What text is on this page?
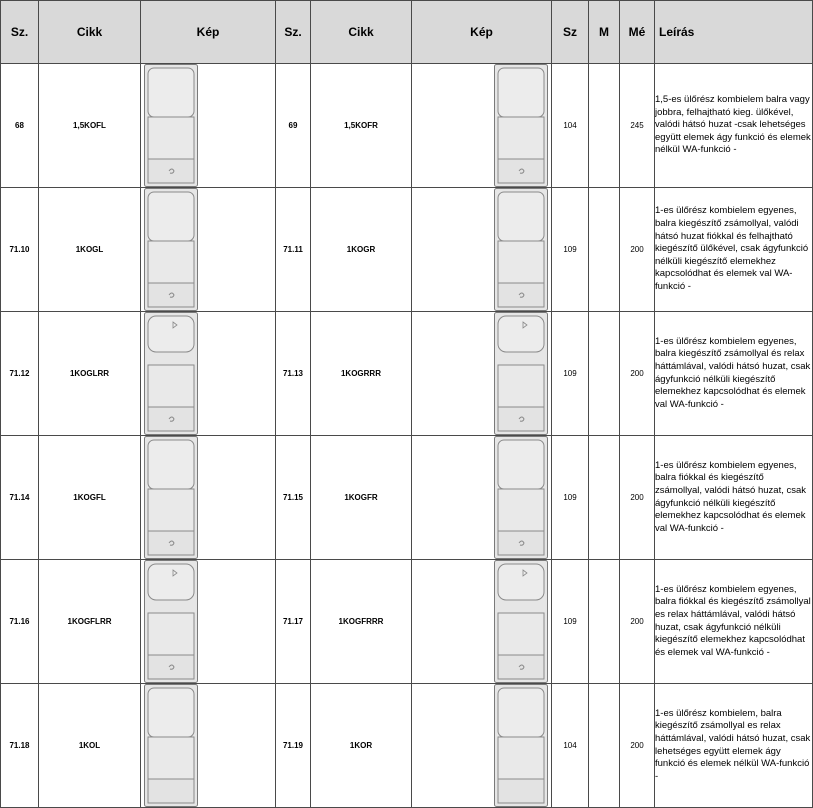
Sz.	Cikk	Kép	Sz.	Cikk	Kép	Sz	M	Mé	Leírás
68	1,5KOFL		69	1,5KOFR		104		245	1,5-es ülőrész kombielem balra vagy jobbra, felhajtható kieg. ülőkével, valódi hátsó huzat -csak lehetséges együtt elemek ágy funkció és elemek nélkül WA-funkció -
71.10	1KOGL		71.11	1KOGR		109		200	1-es ülőrész kombielem egyenes, balra kiegészítő zsámollyal, valódi hátsó huzat fiókkal és felhajtható kiegészítő ülőkével, csak ágyfunkció nélküli kiegészítő elemekhez kapcsolódhat és elemek val WA-funkció -
71.12	1KOGLRR		71.13	1KOGRRR		109		200	1-es ülőrész kombielem egyenes, balra kiegészítő zsámollyal és relax háttámlával, valódi hátsó huzat, csak ágyfunkció nélküli kiegészítő elemekhez kapcsolódhat és elemek val WA-funkció -
71.14	1KOGFL		71.15	1KOGFR		109		200	1-es ülőrész kombielem egyenes, balra fiókkal és kiegészítő zsámollyal, valódi hátsó huzat, csak ágyfunkció nélküli kiegészítő elemekhez kapcsolódhat és elemek val WA-funkció -
71.16	1KOGFLRR		71.17	1KOGFRRR		109		200	1-es ülőrész kombielem egyenes, balra fiókkal és kiegészítő zsámollyal es relax háttámlával, valódi hátsó huzat, csak ágyfunkció nélküli kiegészítő elemekhez kapcsolódhat és elemek val WA-funkció -
71.18	1KOL		71.19	1KOR		104		200	1-es ülőrész kombielem, balra kiegészítő zsámollyal es relax háttámlával, valódi hátsó huzat, csak lehetséges együtt elemek ágy funkció és elemek nélkül WA-funkció -
